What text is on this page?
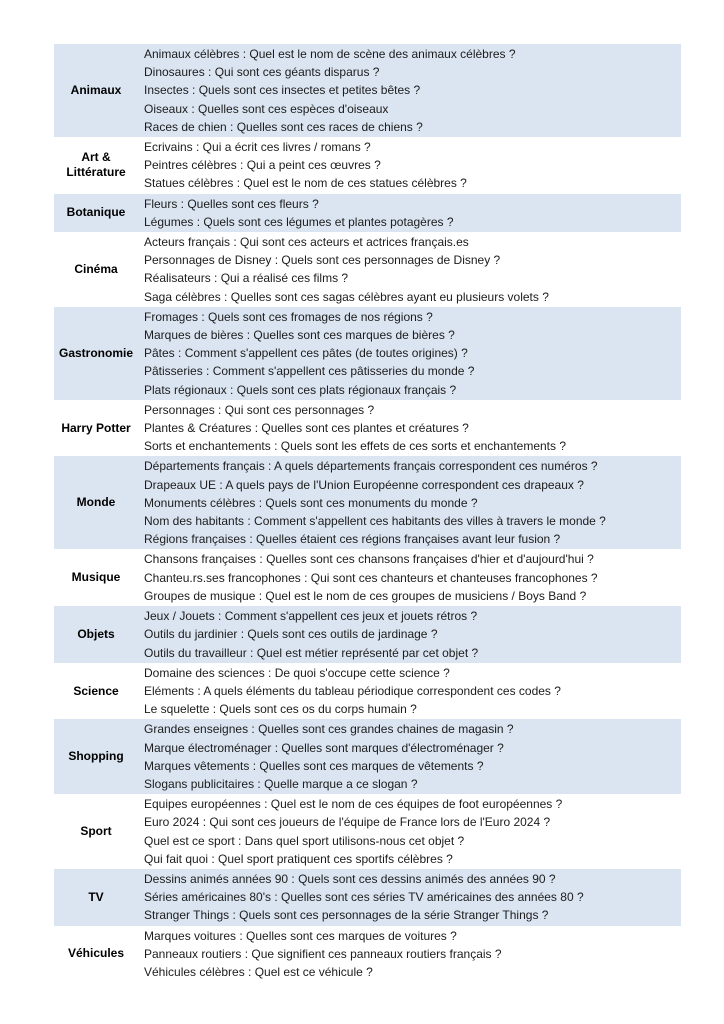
Animaux	Animaux célèbres : Quel est le nom de scène des animaux célèbres ?
Dinosaures : Qui sont ces géants disparus ?
Insectes : Quels sont ces insectes et petites bêtes ?
Oiseaux : Quelles sont ces espèces d'oiseaux
Races de chien : Quelles sont ces races de chiens ?

Art & Littérature	Ecrivains : Qui a écrit ces livres / romans ?
Peintres célèbres : Qui a peint ces œuvres ?
Statues célèbres : Quel est le nom de ces statues célèbres ?

Botanique	Fleurs : Quelles sont ces fleurs ?
Légumes : Quels sont ces légumes et plantes potagères ?

Cinéma	Acteurs français : Qui sont ces acteurs et actrices français.es
Personnages de Disney : Quels sont ces personnages de Disney ?
Réalisateurs : Qui a réalisé ces films ?
Saga célèbres : Quelles sont ces sagas célèbres ayant eu plusieurs volets ?

Gastronomie	Fromages : Quels sont ces fromages de nos régions ?
Marques de bières : Quelles sont ces marques de bières ?
Pâtes : Comment s'appellent ces pâtes (de toutes origines) ?
Pâtisseries : Comment s'appellent ces pâtisseries du monde ?
Plats régionaux : Quels sont ces plats régionaux français ?

Harry Potter	Personnages : Qui sont ces personnages ?
Plantes & Créatures : Quelles sont ces plantes et créatures ?
Sorts et enchantements : Quels sont les effets de ces sorts et enchantements ?

Monde	Départements français : A quels départements français correspondent ces numéros ?
Drapeaux UE : A quels pays de l'Union Européenne correspondent ces drapeaux ?
Monuments célèbres : Quels sont ces monuments du monde ?
Nom des habitants : Comment s'appellent ces habitants des villes à travers le monde ?
Régions françaises : Quelles étaient ces régions françaises avant leur fusion ?

Musique	Chansons françaises : Quelles sont ces chansons françaises d'hier et d'aujourd'hui ?
Chanteu.rs.ses francophones : Qui sont ces chanteurs et chanteuses francophones ?
Groupes de musique : Quel est le nom de ces groupes de musiciens / Boys Band ?

Objets	Jeux / Jouets : Comment s'appellent ces jeux et jouets rétros ?
Outils du jardinier : Quels sont ces outils de jardinage ?
Outils du travailleur : Quel est métier représenté par cet objet ?

Science	Domaine des sciences : De quoi s'occupe cette science ?
Eléments : A quels éléments du tableau périodique correspondent ces codes ?
Le squelette : Quels sont ces os du corps humain ?

Shopping	Grandes enseignes : Quelles sont ces grandes chaines de magasin ?
Marque électroménager : Quelles sont marques d'électroménager ?
Marques vêtements : Quelles sont ces marques de vêtements ?
Slogans publicitaires : Quelle marque a ce slogan ?

Sport	Equipes européennes : Quel est le nom de ces équipes de foot européennes ?
Euro 2024 : Qui sont ces joueurs de l'équipe de France lors de l'Euro 2024 ?
Quel est ce sport : Dans quel sport utilisons-nous cet objet ?
Qui fait quoi : Quel sport pratiquent ces sportifs célèbres ?

TV	Dessins animés années 90 : Quels sont ces dessins animés des années 90 ?
Séries américaines 80's : Quelles sont ces séries TV américaines des années 80 ?
Stranger Things : Quels sont ces personnages de la série Stranger Things ?

Véhicules	Marques voitures : Quelles sont ces marques de voitures ?
Panneaux routiers : Que signifient ces panneaux routiers français ?
Véhicules célèbres : Quel est ce véhicule ?
